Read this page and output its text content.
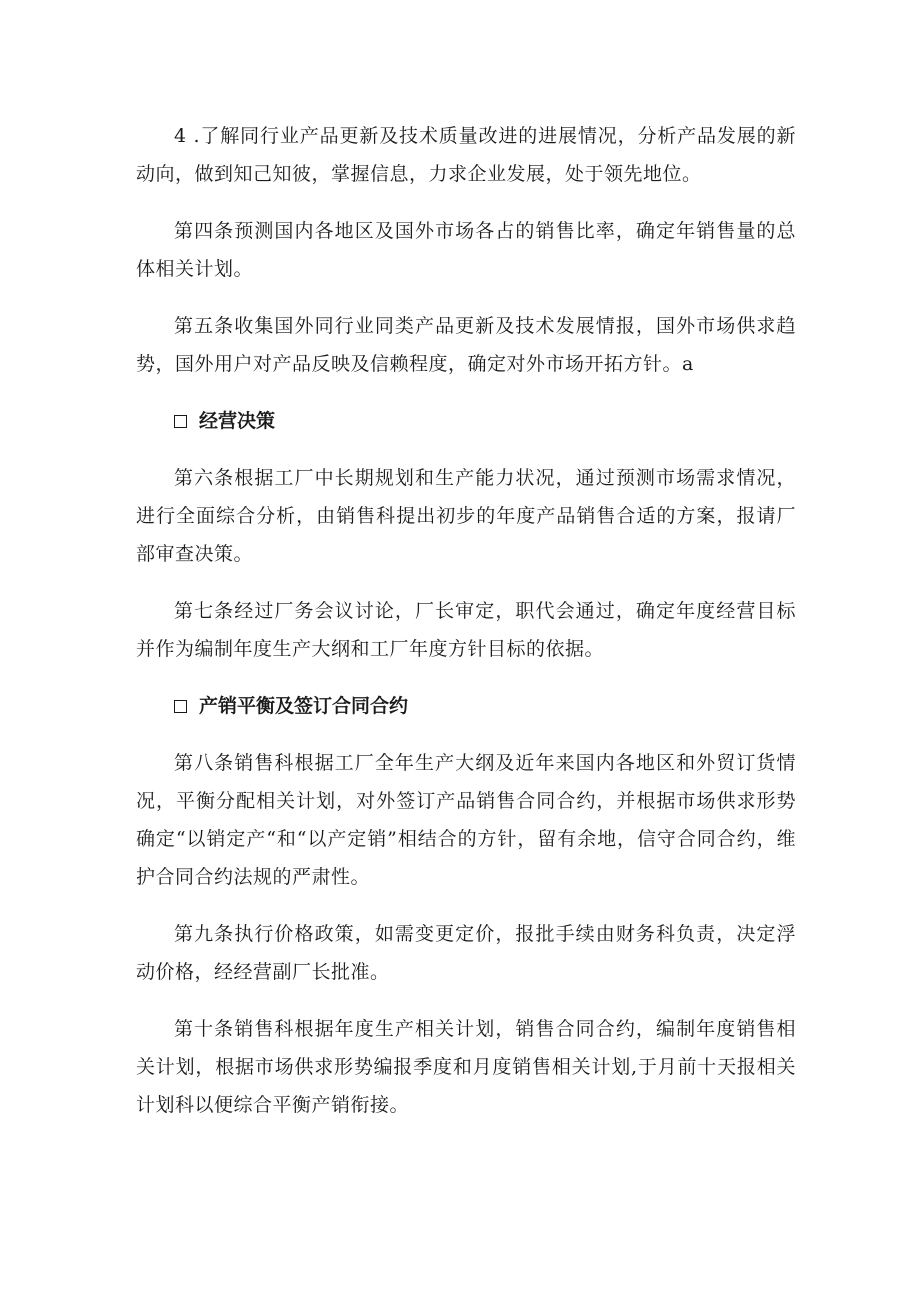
4 .了解同行业产品更新及技术质量改进的进展情况，分析产品发展的新动向，做到知己知彼，掌握信息，力求企业发展，处于领先地位。

第四条预测国内各地区及国外市场各占的销售比率，确定年销售量的总体相关计划。

第五条收集国外同行业同类产品更新及技术发展情报，国外市场供求趋势，国外用户对产品反映及信赖程度，确定对外市场开拓方针。a

经营决策

第六条根据工厂中长期规划和生产能力状况，通过预测市场需求情况，进行全面综合分析，由销售科提出初步的年度产品销售合适的方案，报请厂部审查决策。

第七条经过厂务会议讨论，厂长审定，职代会通过，确定年度经营目标并作为编制年度生产大纲和工厂年度方针目标的依据。

产销平衡及签订合同合约

第八条销售科根据工厂全年生产大纲及近年来国内各地区和外贸订货情况，平衡分配相关计划，对外签订产品销售合同合约，并根据市场供求形势确定“以销定产“和“以产定销”相结合的方针，留有余地，信守合同合约，维护合同合约法规的严肃性。

第九条执行价格政策，如需变更定价，报批手续由财务科负责，决定浮动价格，经经营副厂长批准。

第十条销售科根据年度生产相关计划，销售合同合约，编制年度销售相关计划，根据市场供求形势编报季度和月度销售相关计划,于月前十天报相关计划科以便综合平衡产销衔接。
